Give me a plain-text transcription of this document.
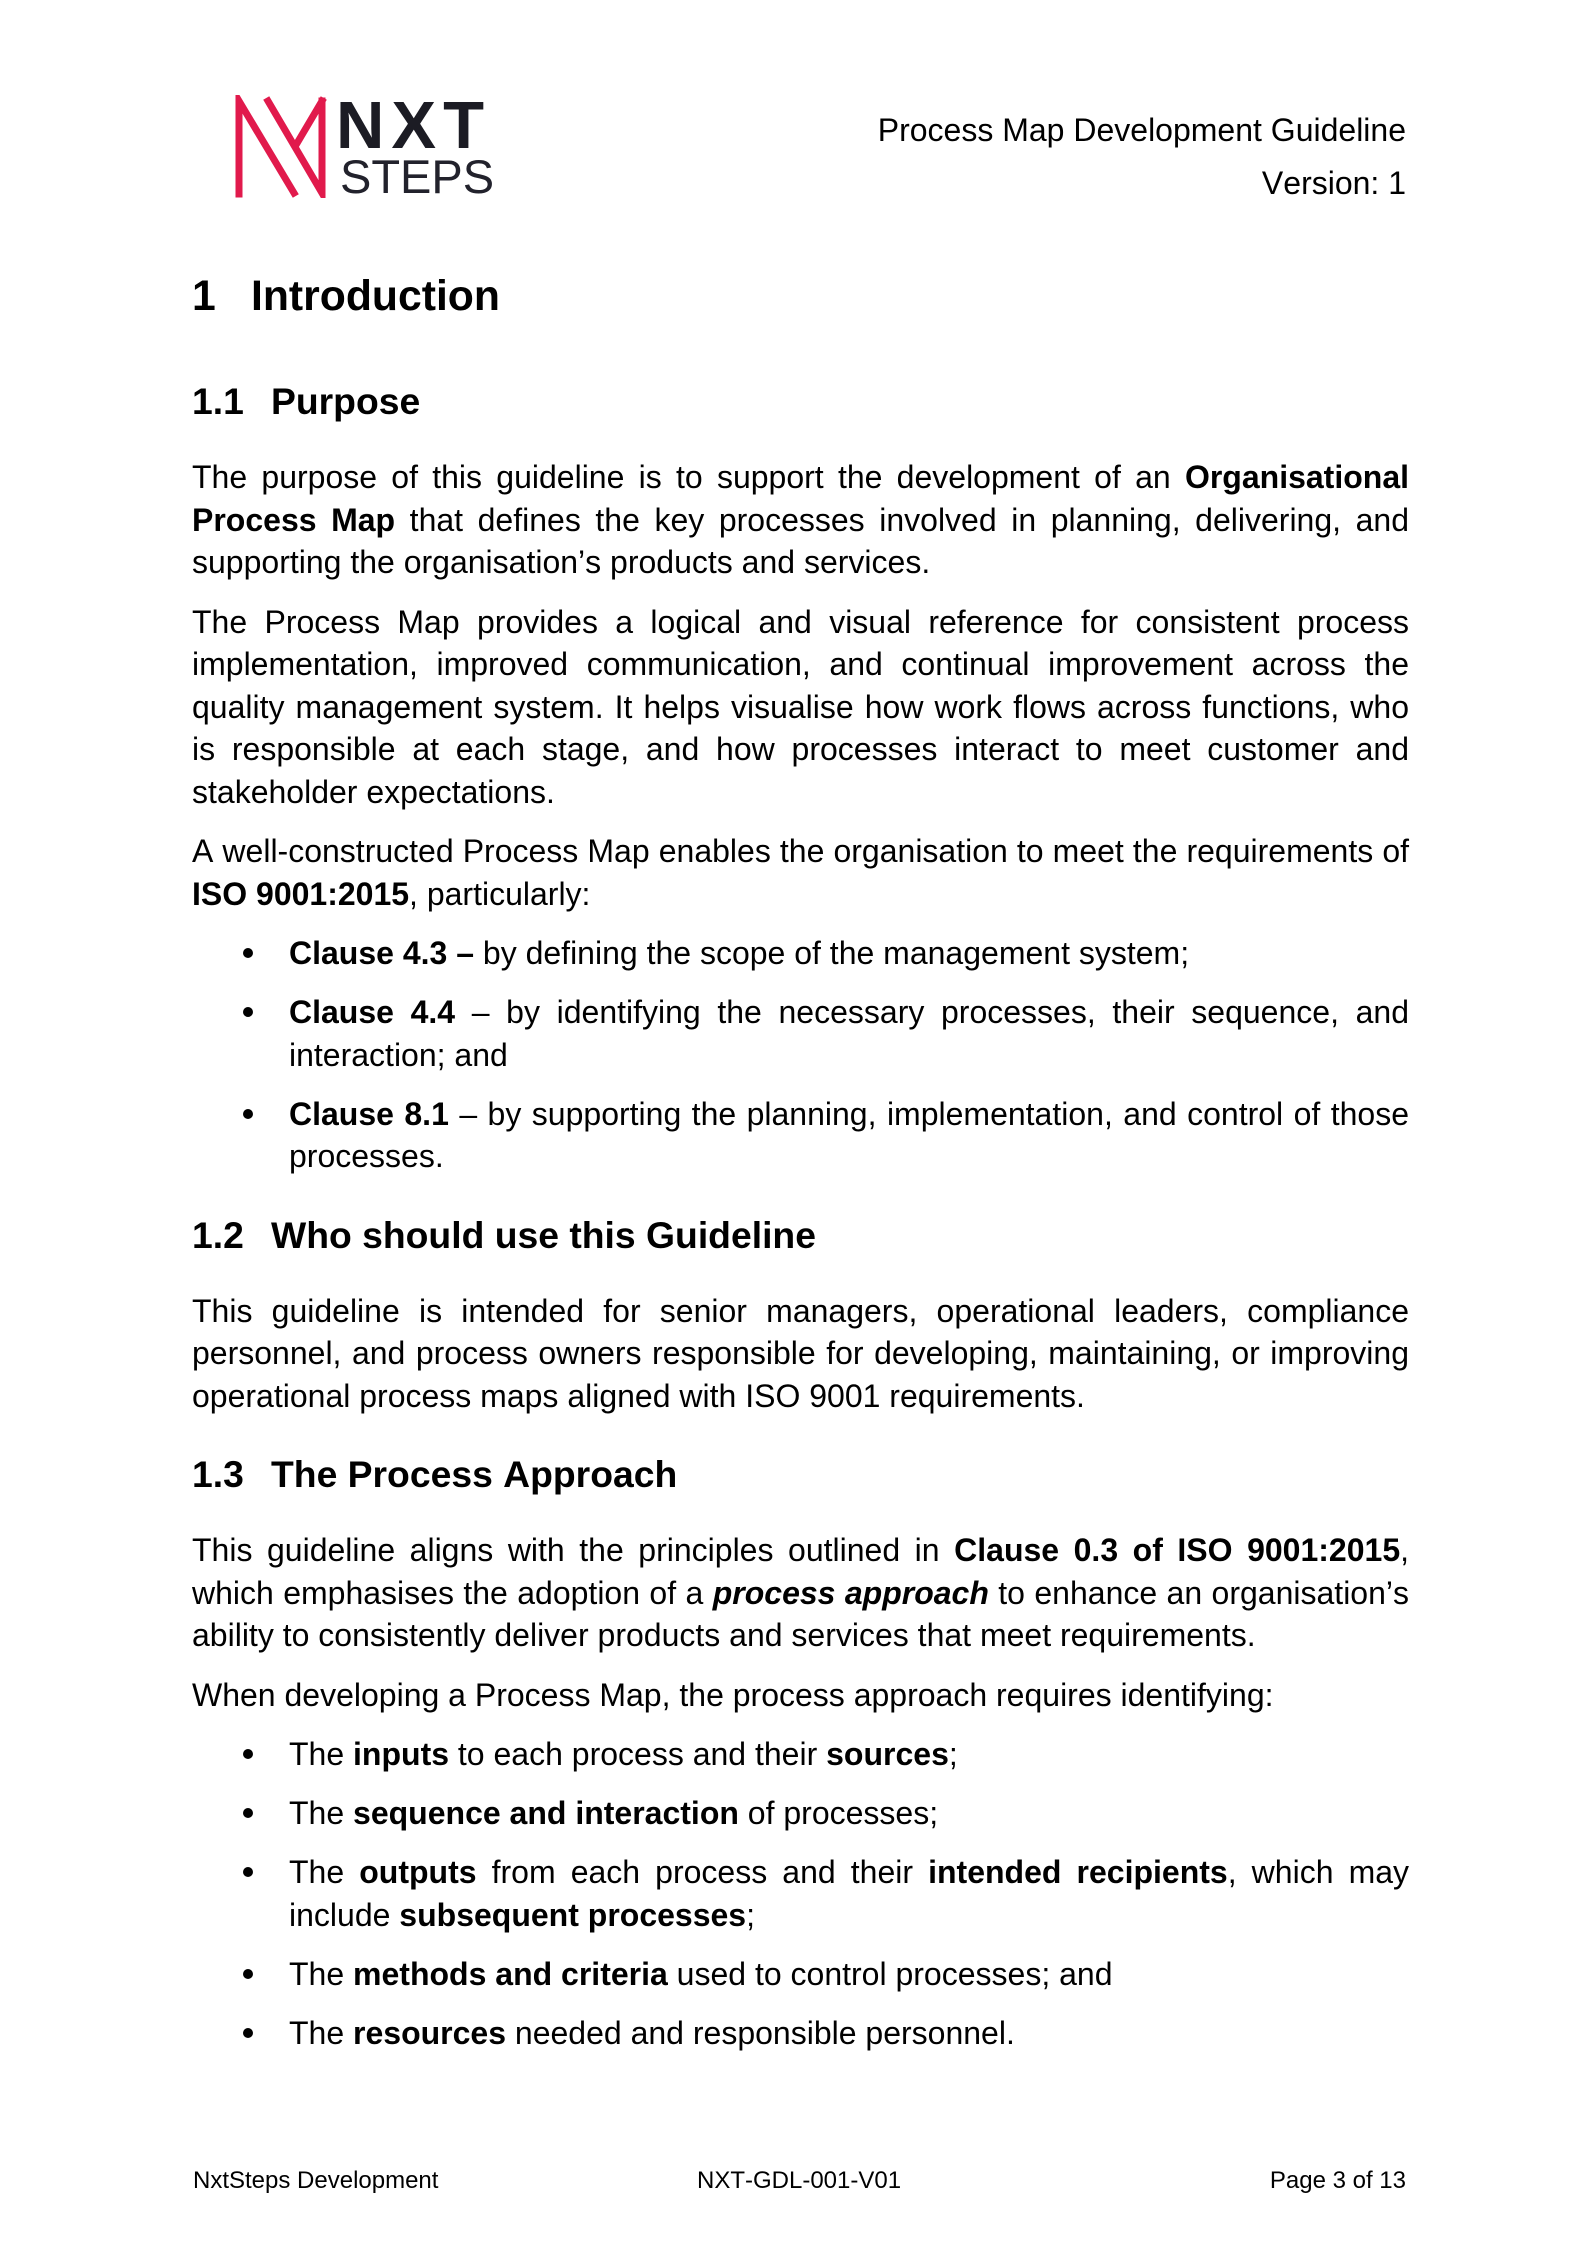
NXT
STEPS
Process Map Development Guideline
Version: 1
1 Introduction
1.1 Purpose

The purpose of this guideline is to support the development of an Organisational Process Map that defines the key processes involved in planning, delivering, and supporting the organisation’s products and services.

The Process Map provides a logical and visual reference for consistent process implementation, improved communication, and continual improvement across the quality management system. It helps visualise how work flows across functions, who is responsible at each stage, and how processes interact to meet customer and stakeholder expectations.

A well-constructed Process Map enables the organisation to meet the requirements of ISO 9001:2015, particularly:

Clause 4.3 – by defining the scope of the management system;
Clause 4.4 – by identifying the necessary processes, their sequence, and interaction; and
Clause 8.1 – by supporting the planning, implementation, and control of those processes.
1.2 Who should use this Guideline

This guideline is intended for senior managers, operational leaders, compliance personnel, and process owners responsible for developing, maintaining, or improving operational process maps aligned with ISO 9001 requirements.

1.3 The Process Approach

This guideline aligns with the principles outlined in Clause 0.3 of ISO 9001:2015, which emphasises the adoption of a process approach to enhance an organisation’s ability to consistently deliver products and services that meet requirements.

When developing a Process Map, the process approach requires identifying:

The inputs to each process and their sources;
The sequence and interaction of processes;
The outputs from each process and their intended recipients, which may include subsequent processes;
The methods and criteria used to control processes; and
The resources needed and responsible personnel.
NxtSteps Development	NXT-GDL-001-V01	Page 3 of 13
